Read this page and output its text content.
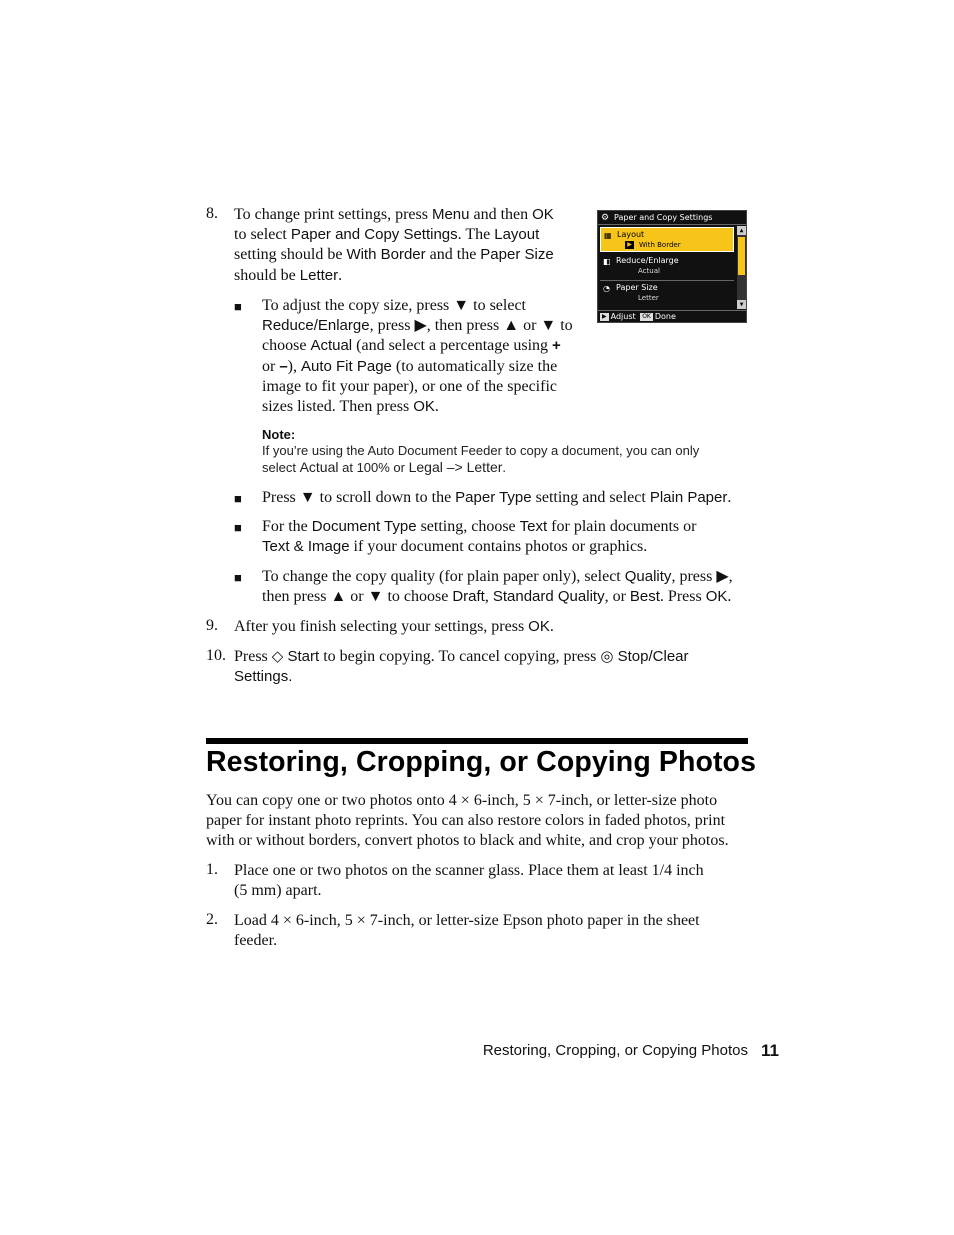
8.	To change print settings, press Menu and then OK
to select Paper and Copy Settings. The Layout
setting should be With Border and the Paper Size
should be Letter.
⚙ Paper and Copy Settings
▦ Layout
▶	With Border
◧ Reduce/Enlarge
Actual
◔ Paper Size
Letter
▲
▼
▶ Adjust OK Done
■ To adjust the copy size, press ▼ to select
Reduce/Enlarge, press ▶, then press ▲ or ▼ to
choose Actual (and select a percentage using +
or –), Auto Fit Page (to automatically size the
image to fit your paper), or one of the specific
sizes listed. Then press OK.
Note:
If you’re using the Auto Document Feeder to copy a document, you can only
select Actual at 100% or Legal –> Letter.
■ Press ▼ to scroll down to the Paper Type setting and select Plain Paper.
■ For the Document Type setting, choose Text for plain documents or
Text & Image if your document contains photos or graphics.
■ To change the copy quality (for plain paper only), select Quality, press ▶,
then press ▲ or ▼ to choose Draft, Standard Quality, or Best. Press OK.
9.	After you finish selecting your settings, press OK.
10. Press ◇ Start to begin copying. To cancel copying, press ◎ Stop/Clear
Settings.
Restoring, Cropping, or Copying Photos
You can copy one or two photos onto 4 × 6-inch, 5 × 7-inch, or letter-size photo
paper for instant photo reprints. You can also restore colors in faded photos, print
with or without borders, convert photos to black and white, and crop your photos.
1.	Place one or two photos on the scanner glass. Place them at least 1/4 inch
(5 mm) apart.
2.	Load 4 × 6-inch, 5 × 7-inch, or letter-size Epson photo paper in the sheet
feeder.
Restoring, Cropping, or Copying Photos 11
